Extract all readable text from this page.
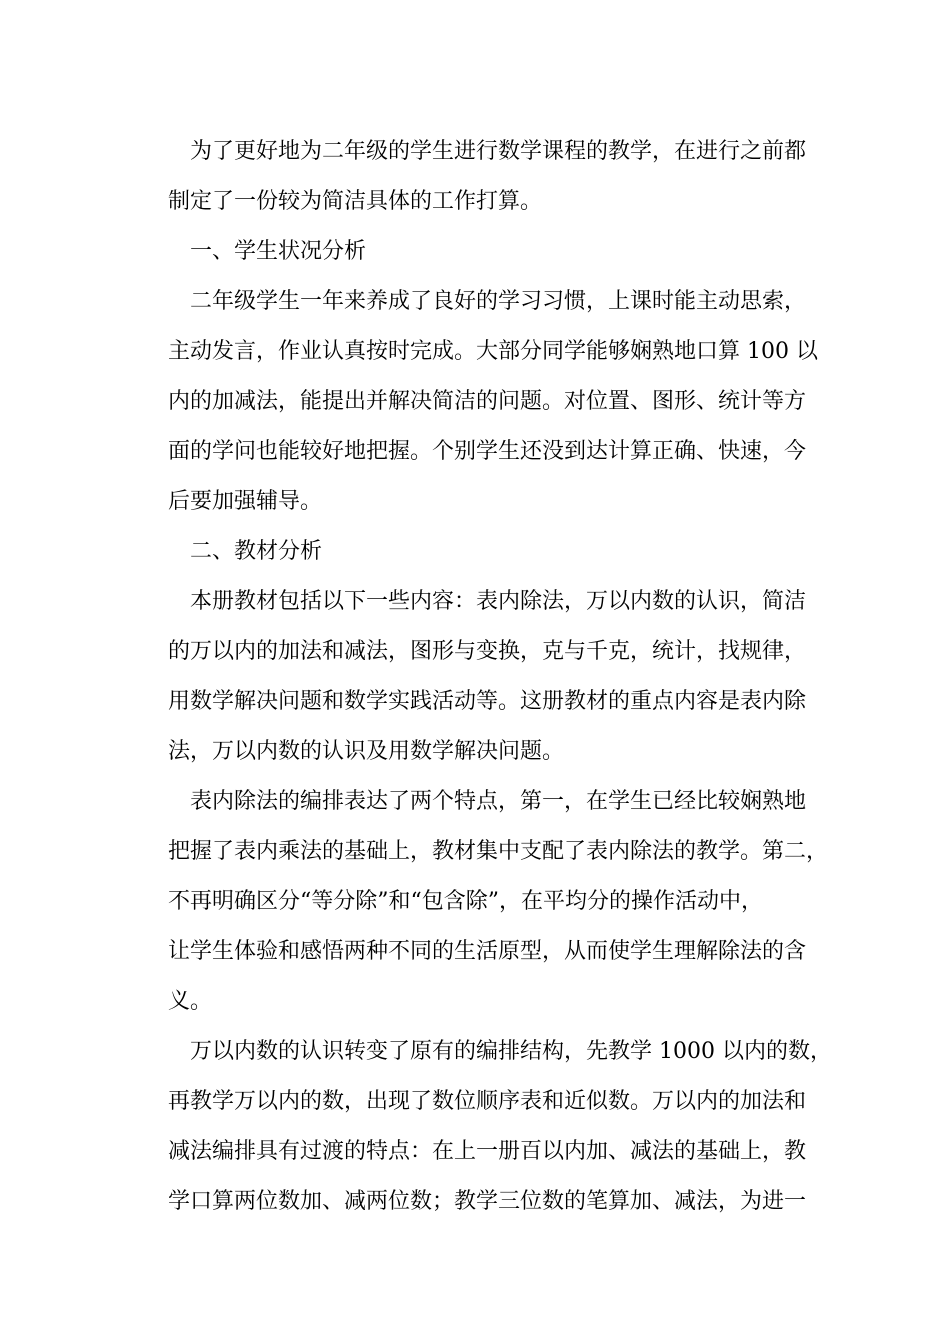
为了更好地为二年级的学生进行数学课程的教学，在进行之前都
制定了一份较为简洁具体的工作打算。

一、学生状况分析

二年级学生一年来养成了良好的学习习惯，上课时能主动思索，
主动发言，作业认真按时完成。大部分同学能够娴熟地口算 100 以
内的加减法，能提出并解决简洁的问题。对位置、图形、统计等方
面的学问也能较好地把握。个别学生还没到达计算正确、快速，今
后要加强辅导。

二、教材分析

本册教材包括以下一些内容：表内除法，万以内数的认识，简洁
的万以内的加法和减法，图形与变换，克与千克，统计，找规律，
用数学解决问题和数学实践活动等。这册教材的重点内容是表内除
法，万以内数的认识及用数学解决问题。

表内除法的编排表达了两个特点，第一，在学生已经比较娴熟地
把握了表内乘法的基础上，教材集中支配了表内除法的教学。第二，
不再明确区分“等分除”和“包含除”，在平均分的操作活动中，
让学生体验和感悟两种不同的生活原型，从而使学生理解除法的含
义。

万以内数的认识转变了原有的编排结构，先教学 1000 以内的数，
再教学万以内的数，出现了数位顺序表和近似数。万以内的加法和
减法编排具有过渡的特点：在上一册百以内加、减法的基础上，教
学口算两位数加、减两位数；教学三位数的笔算加、减法，为进一
